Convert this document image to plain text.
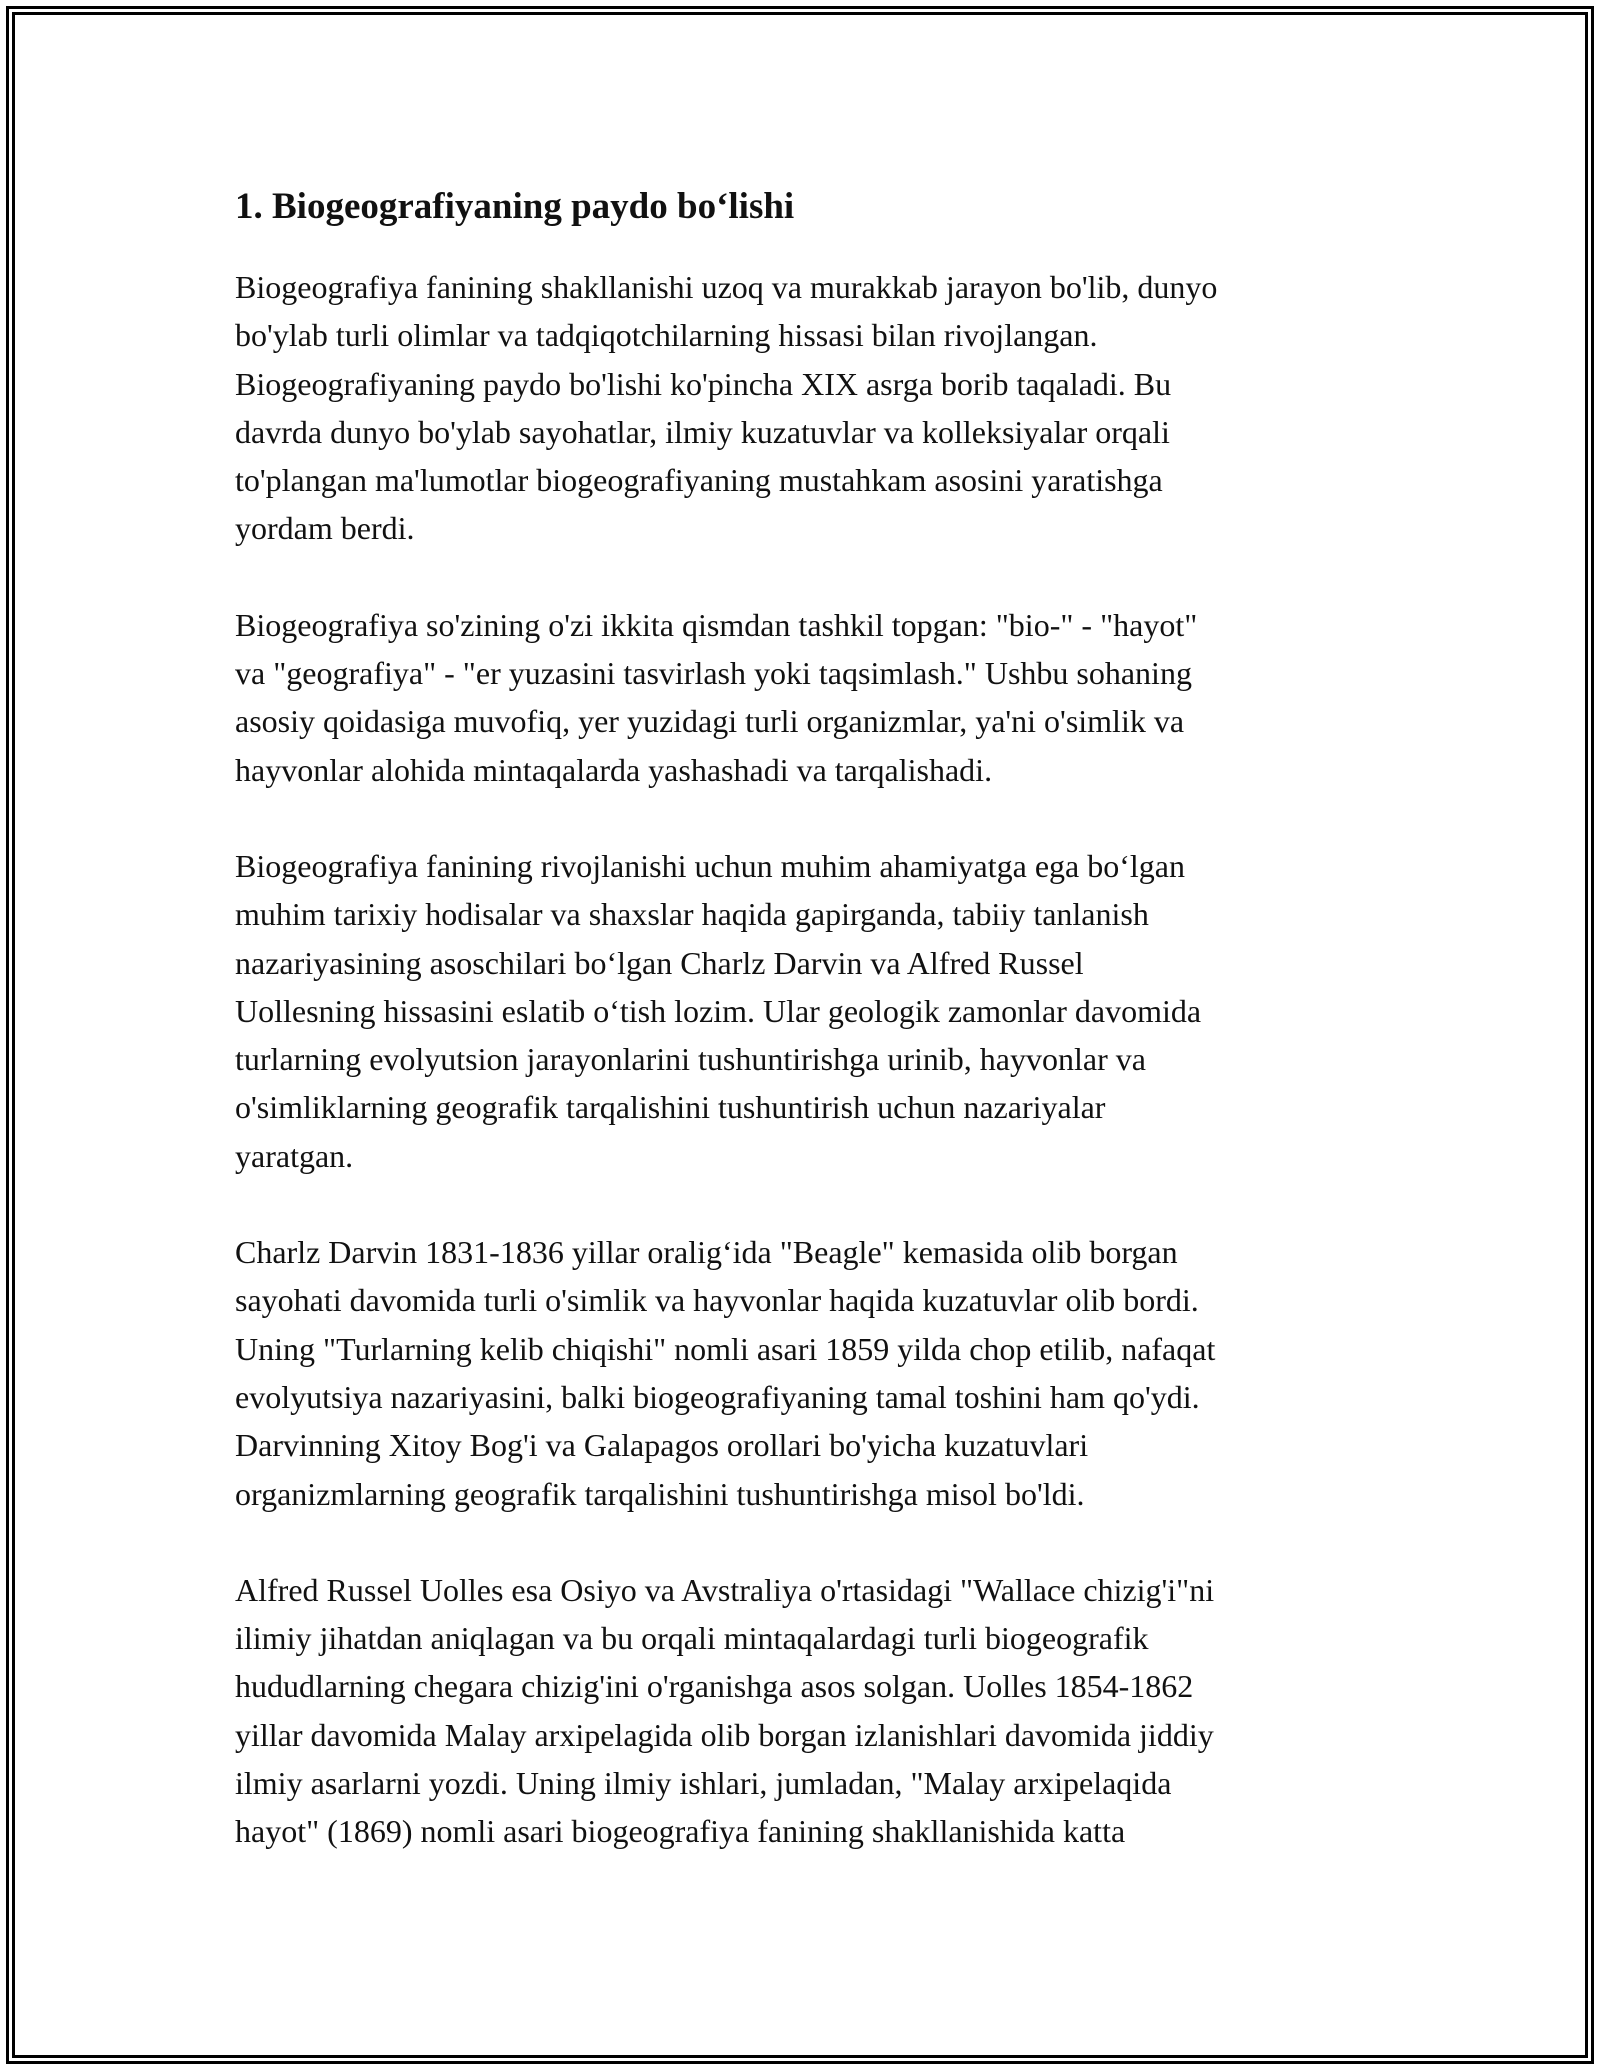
1. Biogeografiyaning paydo bo‘lishi

Biogeografiya fanining shakllanishi uzoq va murakkab jarayon bo'lib, dunyo
bo'ylab turli olimlar va tadqiqotchilarning hissasi bilan rivojlangan.
Biogeografiyaning paydo bo'lishi ko'pincha XIX asrga borib taqaladi. Bu
davrda dunyo bo'ylab sayohatlar, ilmiy kuzatuvlar va kolleksiyalar orqali
to'plangan ma'lumotlar biogeografiyaning mustahkam asosini yaratishga
yordam berdi.

Biogeografiya so'zining o'zi ikkita qismdan tashkil topgan: "bio-" - "hayot"
va "geografiya" - "er yuzasini tasvirlash yoki taqsimlash." Ushbu sohaning
asosiy qoidasiga muvofiq, yer yuzidagi turli organizmlar, ya'ni o'simlik va
hayvonlar alohida mintaqalarda yashashadi va tarqalishadi.

Biogeografiya fanining rivojlanishi uchun muhim ahamiyatga ega bo‘lgan
muhim tarixiy hodisalar va shaxslar haqida gapirganda, tabiiy tanlanish
nazariyasining asoschilari bo‘lgan Charlz Darvin va Alfred Russel
Uollesning hissasini eslatib o‘tish lozim. Ular geologik zamonlar davomida
turlarning evolyutsion jarayonlarini tushuntirishga urinib, hayvonlar va
o'simliklarning geografik tarqalishini tushuntirish uchun nazariyalar
yaratgan.

Charlz Darvin 1831-1836 yillar oralig‘ida "Beagle" kemasida olib borgan
sayohati davomida turli o'simlik va hayvonlar haqida kuzatuvlar olib bordi.
Uning "Turlarning kelib chiqishi" nomli asari 1859 yilda chop etilib, nafaqat
evolyutsiya nazariyasini, balki biogeografiyaning tamal toshini ham qo'ydi.
Darvinning Xitoy Bog'i va Galapagos orollari bo'yicha kuzatuvlari
organizmlarning geografik tarqalishini tushuntirishga misol bo'ldi.

Alfred Russel Uolles esa Osiyo va Avstraliya o'rtasidagi "Wallace chizig'i"ni
ilimiy jihatdan aniqlagan va bu orqali mintaqalardagi turli biogeografik
hududlarning chegara chizig'ini o'rganishga asos solgan. Uolles 1854-1862
yillar davomida Malay arxipelagida olib borgan izlanishlari davomida jiddiy
ilmiy asarlarni yozdi. Uning ilmiy ishlari, jumladan, "Malay arxipelaqida
hayot" (1869) nomli asari biogeografiya fanining shakllanishida katta
